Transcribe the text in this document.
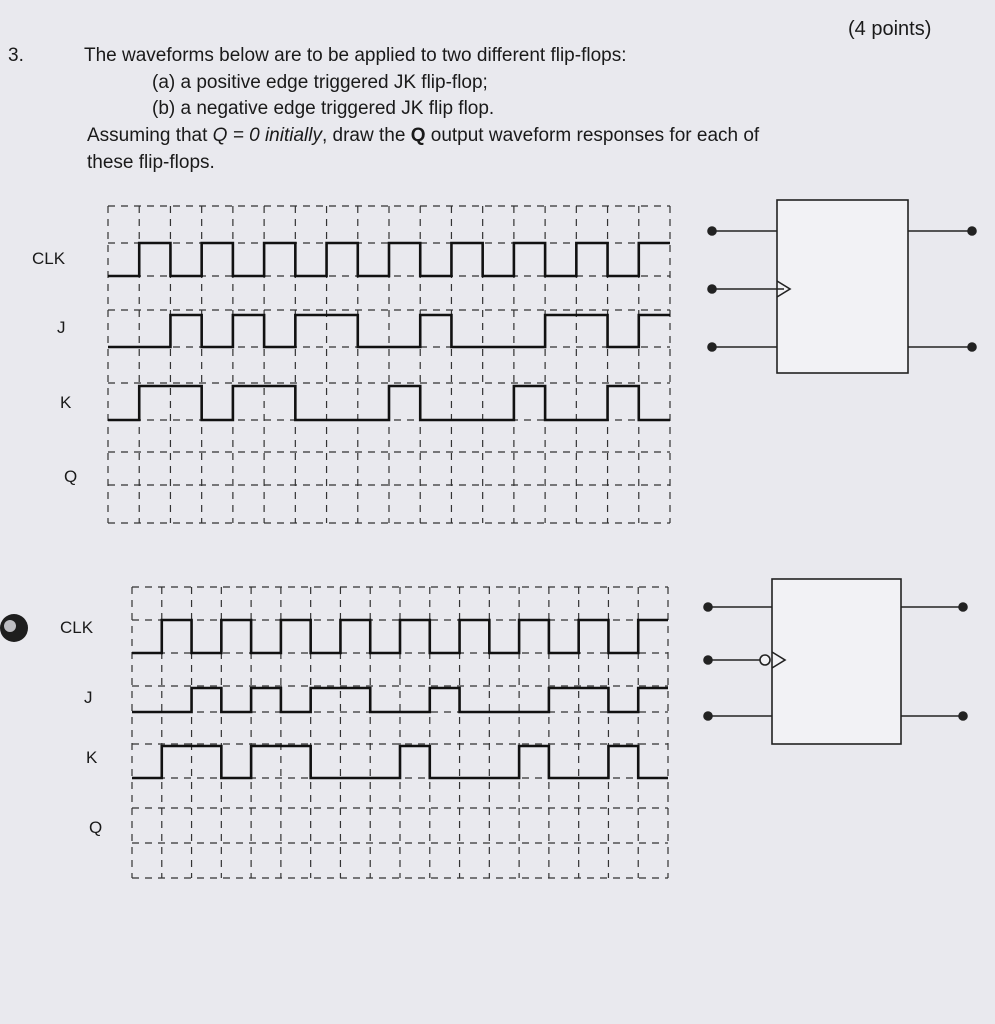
(4 points)
3.	The waveforms below are to be applied to two different flip-flops:
(a) a positive edge triggered JK flip-flop;
(b) a negative edge triggered JK flip flop.
Assuming that Q = 0 initially, draw the Q output waveform responses for each of
these flip-flops.
CLK
J
K
Q
CLK
J
K
Q
